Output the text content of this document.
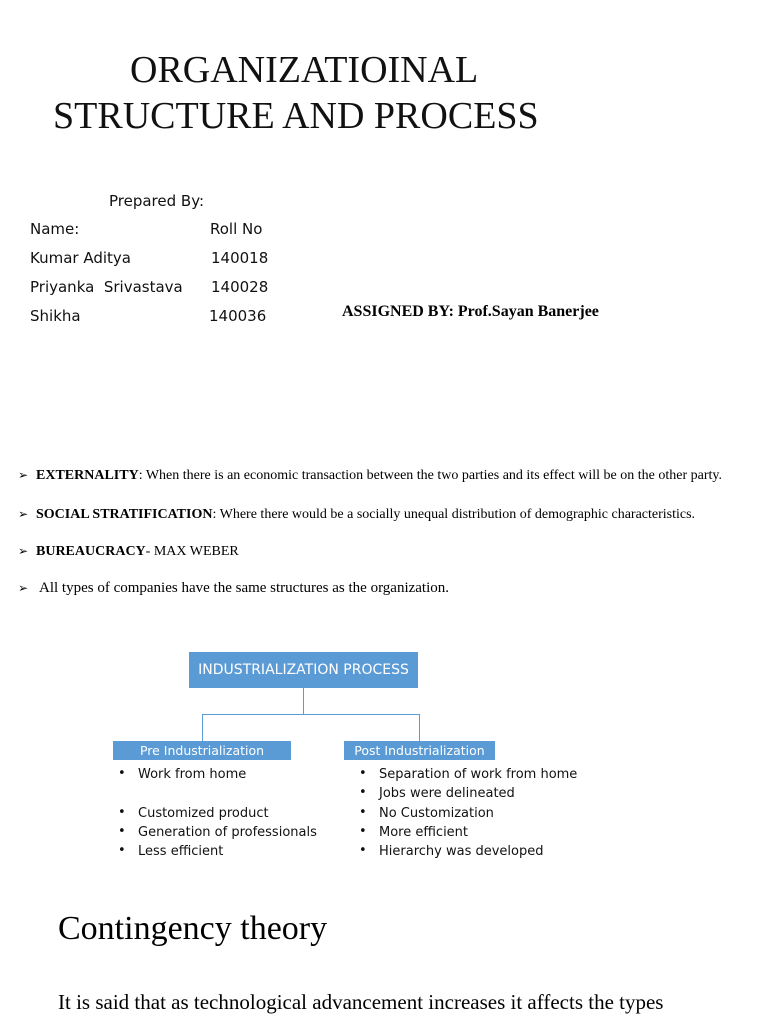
ORGANIZATIOINAL
STRUCTURE AND PROCESS
Prepared By:
Name:	Roll No
Kumar Aditya	140018
Priyanka  Srivastava 140028
Shikha	140036	ASSIGNED BY: Prof.Sayan Banerjee
➢ EXTERNALITY: When there is an economic transaction between the two parties and its effect will be on the other party.
➢ SOCIAL STRATIFICATION: Where there would be a socially unequal distribution of demographic characteristics.
➢ BUREAUCRACY- MAX WEBER
➢ All types of companies have the same structures as the organization.
INDUSTRIALIZATION PROCESS
Pre Industrialization	Post Industrialization
• Work from home
• Customized product
• Generation of professionals
• Less efficient
• Separation of work from home
• Jobs were delineated
• No Customization
• More efficient
• Hierarchy was developed
Contingency theory
It is said that as technological advancement increases it affects the types
